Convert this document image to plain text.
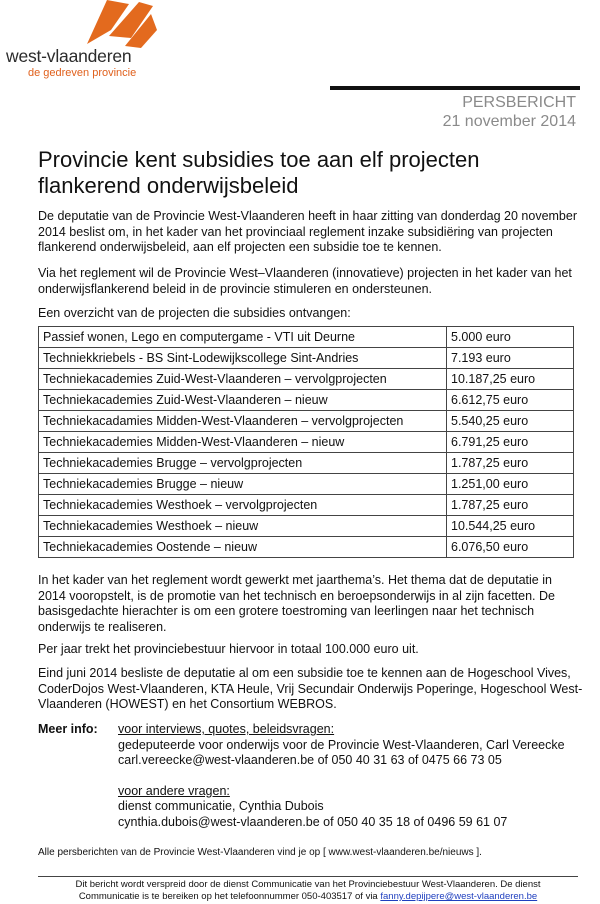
west-vlaanderen
de gedreven provincie
PERSBERICHT
21 november 2014
Provincie kent subsidies toe aan elf projecten flankerend onderwijsbeleid

De deputatie van de Provincie West-Vlaanderen heeft in haar zitting van donderdag 20 november 2014 beslist om, in het kader van het provinciaal reglement inzake subsidiëring van projecten flankerend onderwijsbeleid, aan elf projecten een subsidie toe te kennen.

Via het reglement wil de Provincie West–Vlaanderen (innovatieve) projecten in het kader van het onderwijsflankerend beleid in de provincie stimuleren en ondersteunen.

Een overzicht van de projecten die subsidies ontvangen:

Passief wonen, Lego en computergame - VTI uit Deurne	5.000 euro
Techniekkriebels - BS Sint-Lodewijkscollege Sint-Andries	7.193 euro
Techniekacademies Zuid-West-Vlaanderen – vervolgprojecten	10.187,25 euro
Techniekacademies Zuid-West-Vlaanderen – nieuw	6.612,75 euro
Techniekacadamies Midden-West-Vlaanderen – vervolgprojecten	5.540,25 euro
Techniekacademies Midden-West-Vlaanderen – nieuw	6.791,25 euro
Techniekacademies Brugge – vervolgprojecten	1.787,25 euro
Techniekacademies Brugge – nieuw	1.251,00 euro
Techniekacademies Westhoek – vervolgprojecten	1.787,25 euro
Techniekacademies Westhoek – nieuw	10.544,25 euro
Techniekacademies Oostende – nieuw	6.076,50 euro

In het kader van het reglement wordt gewerkt met jaarthema’s. Het thema dat de deputatie in 2014 vooropstelt, is de promotie van het technisch en beroepsonderwijs in al zijn facetten. De basisgedachte hierachter is om een grotere toestroming van leerlingen naar het technisch onderwijs te realiseren.

Per jaar trekt het provinciebestuur hiervoor in totaal 100.000 euro uit.

Eind juni 2014 besliste de deputatie al om een subsidie toe te kennen aan de Hogeschool Vives, CoderDojos West-Vlaanderen, KTA Heule, Vrij Secundair Onderwijs Poperinge, Hogeschool West-Vlaanderen (HOWEST) en het Consortium WEBROS.

Meer info: voor interviews, quotes, beleidsvragen:
gedeputeerde voor onderwijs voor de Provincie West-Vlaanderen, Carl Vereecke
carl.vereecke@west-vlaanderen.be of 050 40 31 63 of 0475 66 73 05
voor andere vragen:
dienst communicatie, Cynthia Dubois
cynthia.dubois@west-vlaanderen.be of 050 40 35 18 of 0496 59 61 07
Alle persberichten van de Provincie West-Vlaanderen vind je op [ www.west-vlaanderen.be/nieuws ].
Dit bericht wordt verspreid door de dienst Communicatie van het Provinciebestuur West-Vlaanderen. De dienst
Communicatie is te bereiken op het telefoonnummer 050-403517 of via fanny.depijpere@west-vlaanderen.be
